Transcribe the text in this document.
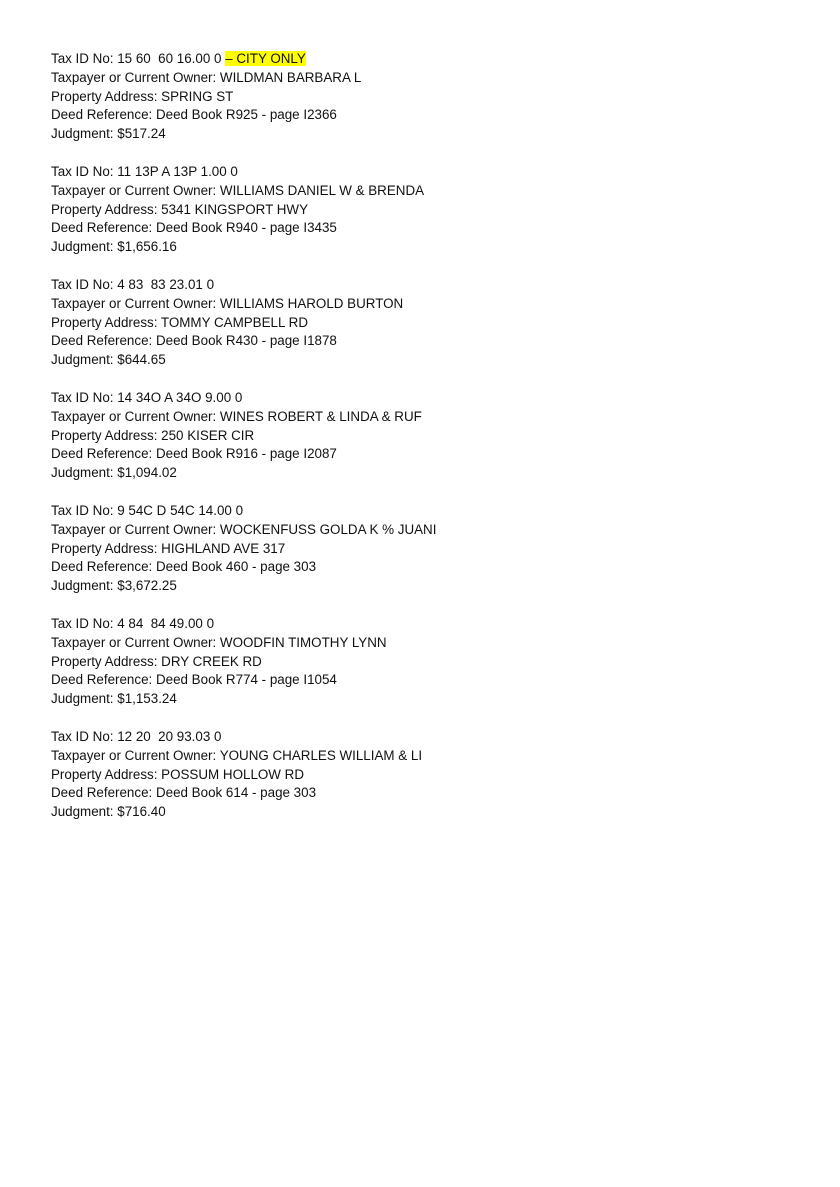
Tax ID No: 15 60  60 16.00 0 – CITY ONLY
Taxpayer or Current Owner: WILDMAN BARBARA L
Property Address: SPRING ST
Deed Reference: Deed Book R925 - page I2366
Judgment: $517.24
Tax ID No: 11 13P A 13P 1.00 0
Taxpayer or Current Owner: WILLIAMS DANIEL W & BRENDA
Property Address: 5341 KINGSPORT HWY
Deed Reference: Deed Book R940 - page I3435
Judgment: $1,656.16
Tax ID No: 4 83  83 23.01 0
Taxpayer or Current Owner: WILLIAMS HAROLD BURTON
Property Address: TOMMY CAMPBELL RD
Deed Reference: Deed Book R430 - page I1878
Judgment: $644.65
Tax ID No: 14 34O A 34O 9.00 0
Taxpayer or Current Owner: WINES ROBERT & LINDA & RUF
Property Address: 250 KISER CIR
Deed Reference: Deed Book R916 - page I2087
Judgment: $1,094.02
Tax ID No: 9 54C D 54C 14.00 0
Taxpayer or Current Owner: WOCKENFUSS GOLDA K % JUANI
Property Address: HIGHLAND AVE 317
Deed Reference: Deed Book 460 - page 303
Judgment: $3,672.25
Tax ID No: 4 84  84 49.00 0
Taxpayer or Current Owner: WOODFIN TIMOTHY LYNN
Property Address: DRY CREEK RD
Deed Reference: Deed Book R774 - page I1054
Judgment: $1,153.24
Tax ID No: 12 20  20 93.03 0
Taxpayer or Current Owner: YOUNG CHARLES WILLIAM & LI
Property Address: POSSUM HOLLOW RD
Deed Reference: Deed Book 614 - page 303
Judgment: $716.40
